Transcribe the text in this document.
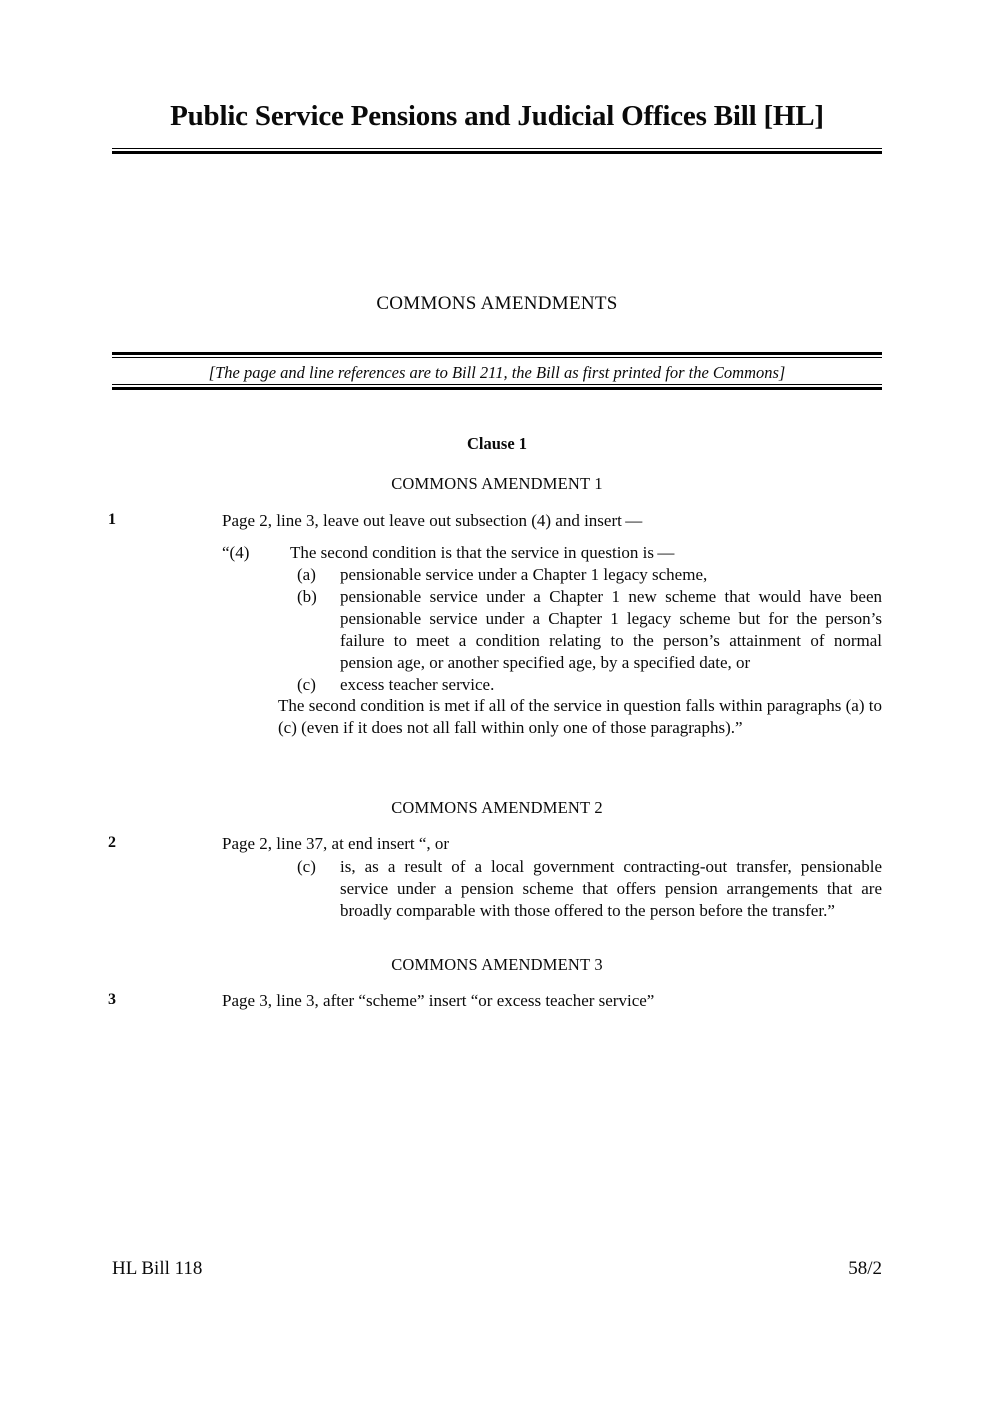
Public Service Pensions and Judicial Offices Bill [HL]
COMMONS AMENDMENTS
[The page and line references are to Bill 211, the Bill as first printed for the Commons]
Clause 1
COMMONS AMENDMENT 1
1	Page 2, line 3, leave out leave out subsection (4) and insert —
“(4)	The second condition is that the service in question is —
(a)	pensionable service under a Chapter 1 legacy scheme,
(b)	pensionable service under a Chapter 1 new scheme that would have been pensionable service under a Chapter 1 legacy scheme but for the person’s failure to meet a condition relating to the person’s attainment of normal pension age, or another specified age, by a specified date, or
(c)	excess teacher service.
The second condition is met if all of the service in question falls within paragraphs (a) to (c) (even if it does not all fall within only one of those paragraphs).”
COMMONS AMENDMENT 2
2	Page 2, line 37, at end insert “, or
(c)	is, as a result of a local government contracting-out transfer, pensionable service under a pension scheme that offers pension arrangements that are broadly comparable with those offered to the person before the transfer.”
COMMONS AMENDMENT 3
3	Page 3, line 3, after “scheme” insert “or excess teacher service”
HL Bill 118	58/2
